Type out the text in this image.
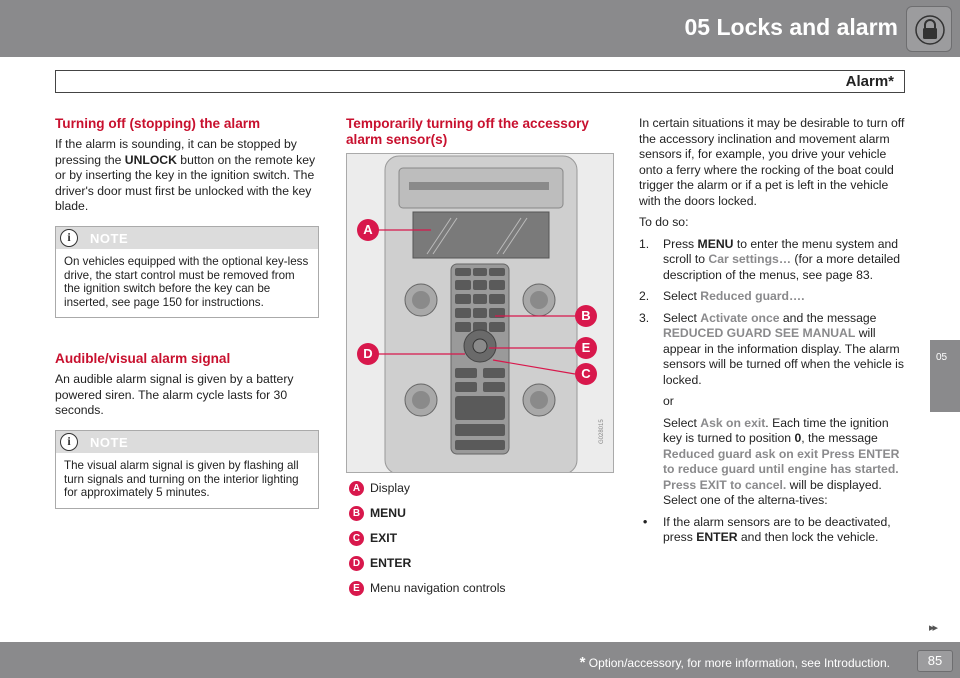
05 Locks and alarm
Alarm*
05
Turning off (stopping) the alarm

If the alarm is sounding, it can be stopped by pressing the UNLOCK button on the remote key or by inserting the key in the ignition switch. The driver's door must first be unlocked with the key blade.

i	NOTE
On vehicles equipped with the optional key-less drive, the start control must be removed from the ignition switch before the key can be inserted, see page 150 for instructions.
Audible/visual alarm signal

An audible alarm signal is given by a battery powered siren. The alarm cycle lasts for 30 seconds.

i	NOTE
The visual alarm signal is given by flashing all turn signals and turning on the interior lighting for approximately 5 minutes.
Temporarily turning off the accessory alarm sensor(s)
A
B
E
C
D
G028015
A Display
B MENU
C EXIT
D ENTER
E Menu navigation controls

In certain situations it may be desirable to turn off the accessory inclination and movement alarm sensors if, for example, you drive your vehicle onto a ferry where the rocking of the boat could trigger the alarm or if a pet is left in the vehicle with the doors locked.

To do so:

1. Press MENU to enter the menu system and scroll to Car settings… (for a more detailed description of the menus, see page 83.
2. Select Reduced guard….
3. Select Activate once and the message REDUCED GUARD SEE MANUAL will appear in the information display. The alarm sensors will be turned off when the vehicle is locked.

or

Select Ask on exit. Each time the ignition key is turned to position 0, the message Reduced guard ask on exit Press ENTER to reduce guard until engine has started. Press EXIT to cancel. will be displayed. Select one of the alterna-tives:

• If the alarm sensors are to be deactivated, press ENTER and then lock the vehicle.
▸▸
* Option/accessory, for more information, see Introduction.	85
